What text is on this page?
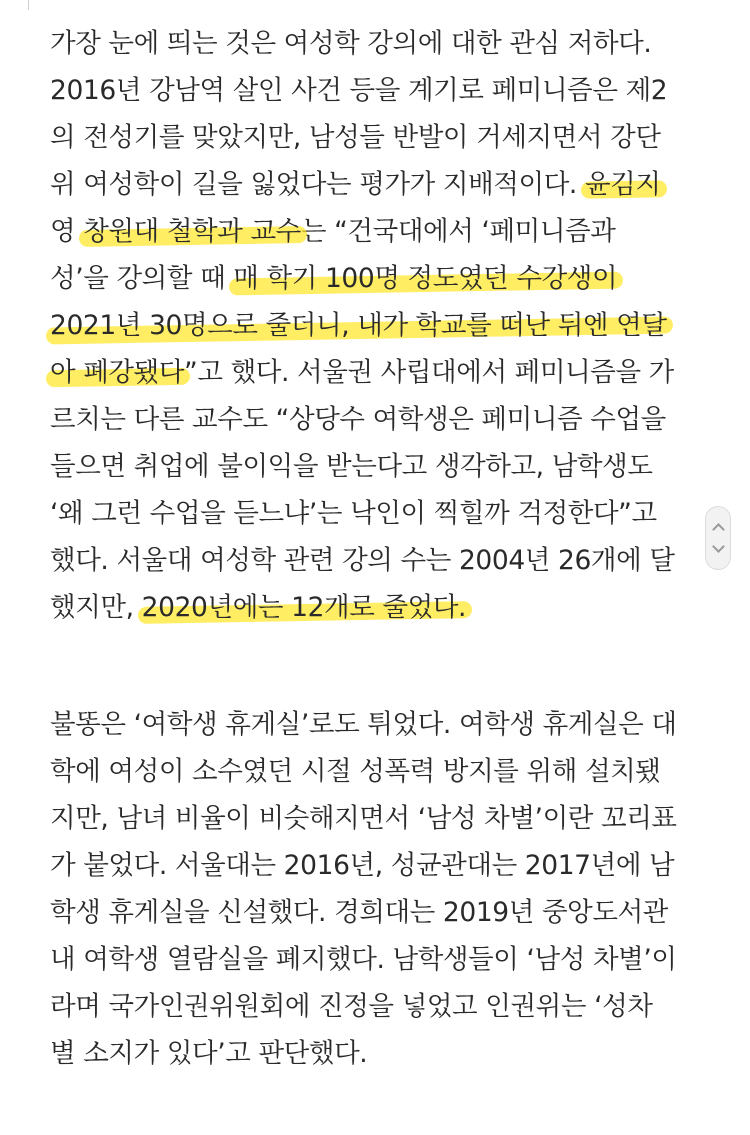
가장 눈에 띄는 것은 여성학 강의에 대한 관심 저하다.
2016년 강남역 살인 사건 등을 계기로 페미니즘은 제2
의 전성기를 맞았지만, 남성들 반발이 거세지면서 강단
위 여성학이 길을 잃었다는 평가가 지배적이다. 윤김지
영 창원대 철학과 교수는 “건국대에서 ‘페미니즘과
성’을 강의할 때 매 학기 100명 정도였던 수강생이
2021년 30명으로 줄더니, 내가 학교를 떠난 뒤엔 연달
아 폐강됐다”고 했다. 서울권 사립대에서 페미니즘을 가
르치는 다른 교수도 “상당수 여학생은 페미니즘 수업을
들으면 취업에 불이익을 받는다고 생각하고, 남학생도
‘왜 그런 수업을 듣느냐’는 낙인이 찍힐까 걱정한다”고
했다. 서울대 여성학 관련 강의 수는 2004년 26개에 달
했지만, 2020년에는 12개로 줄었다.

불똥은 ‘여학생 휴게실’로도 튀었다. 여학생 휴게실은 대
학에 여성이 소수였던 시절 성폭력 방지를 위해 설치됐
지만, 남녀 비율이 비슷해지면서 ‘남성 차별’이란 꼬리표
가 붙었다. 서울대는 2016년, 성균관대는 2017년에 남
학생 휴게실을 신설했다. 경희대는 2019년 중앙도서관
내 여학생 열람실을 폐지했다. 남학생들이 ‘남성 차별’이
라며 국가인권위원회에 진정을 넣었고 인권위는 ‘성차
별 소지가 있다’고 판단했다.
